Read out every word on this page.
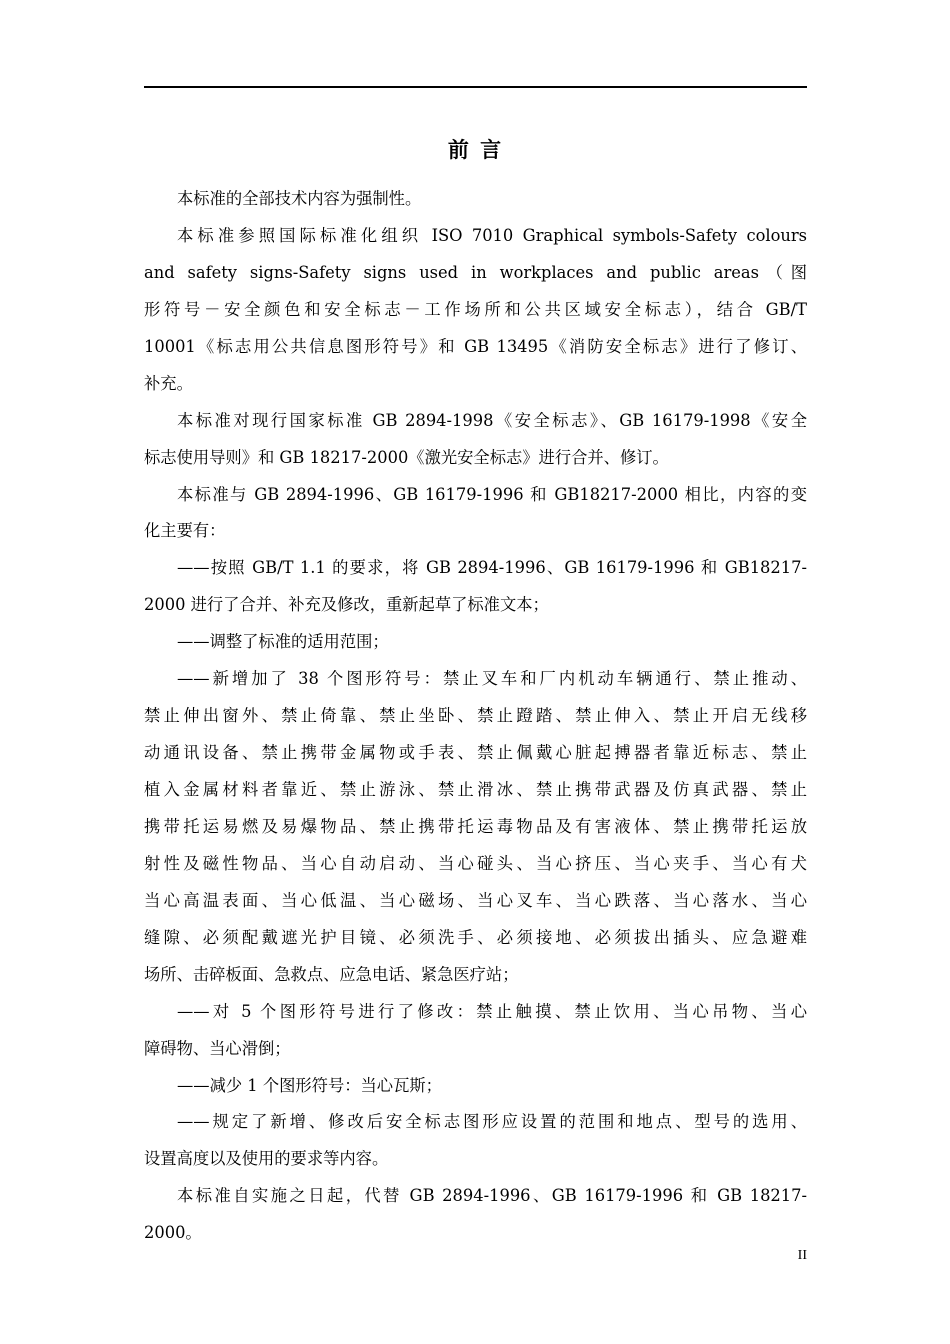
前 言
本标准的全部技术内容为强制性。
本标准参照国际标准化组织 ISO 7010 Graphical symbols-Safety colours
and safety signs-Safety signs used in workplaces and public areas（图
形符号－安全颜色和安全标志－工作场所和公共区域安全标志），结合 GB/T
10001《标志用公共信息图形符号》和 GB 13495《消防安全标志》进行了修订、
补充。
本标准对现行国家标准 GB 2894-1998《安全标志》、GB 16179-1998《安全
标志使用导则》和 GB 18217-2000《激光安全标志》进行合并、修订。
本标准与 GB 2894-1996、GB 16179-1996 和 GB18217-2000 相比，内容的变
化主要有：
——按照 GB/T 1.1 的要求，将 GB 2894-1996、GB 16179-1996 和 GB18217-
2000 进行了合并、补充及修改，重新起草了标准文本；
——调整了标准的适用范围；
——新增加了 38 个图形符号：禁止叉车和厂内机动车辆通行、禁止推动、
禁止伸出窗外、禁止倚靠、禁止坐卧、禁止蹬踏、禁止伸入、禁止开启无线移
动通讯设备、禁止携带金属物或手表、禁止佩戴心脏起搏器者靠近标志、禁止
植入金属材料者靠近、禁止游泳、禁止滑冰、禁止携带武器及仿真武器、禁止
携带托运易燃及易爆物品、禁止携带托运毒物品及有害液体、禁止携带托运放
射性及磁性物品、当心自动启动、当心碰头、当心挤压、当心夹手、当心有犬
当心高温表面、当心低温、当心磁场、当心叉车、当心跌落、当心落水、当心
缝隙、必须配戴遮光护目镜、必须洗手、必须接地、必须拔出插头、应急避难
场所、击碎板面、急救点、应急电话、紧急医疗站；
——对 5 个图形符号进行了修改：禁止触摸、禁止饮用、当心吊物、当心
障碍物、当心滑倒；
——减少 1 个图形符号：当心瓦斯；
——规定了新增、修改后安全标志图形应设置的范围和地点、型号的选用、
设置高度以及使用的要求等内容。
本标准自实施之日起，代替 GB 2894-1996、GB 16179-1996 和 GB 18217-
2000。
II
